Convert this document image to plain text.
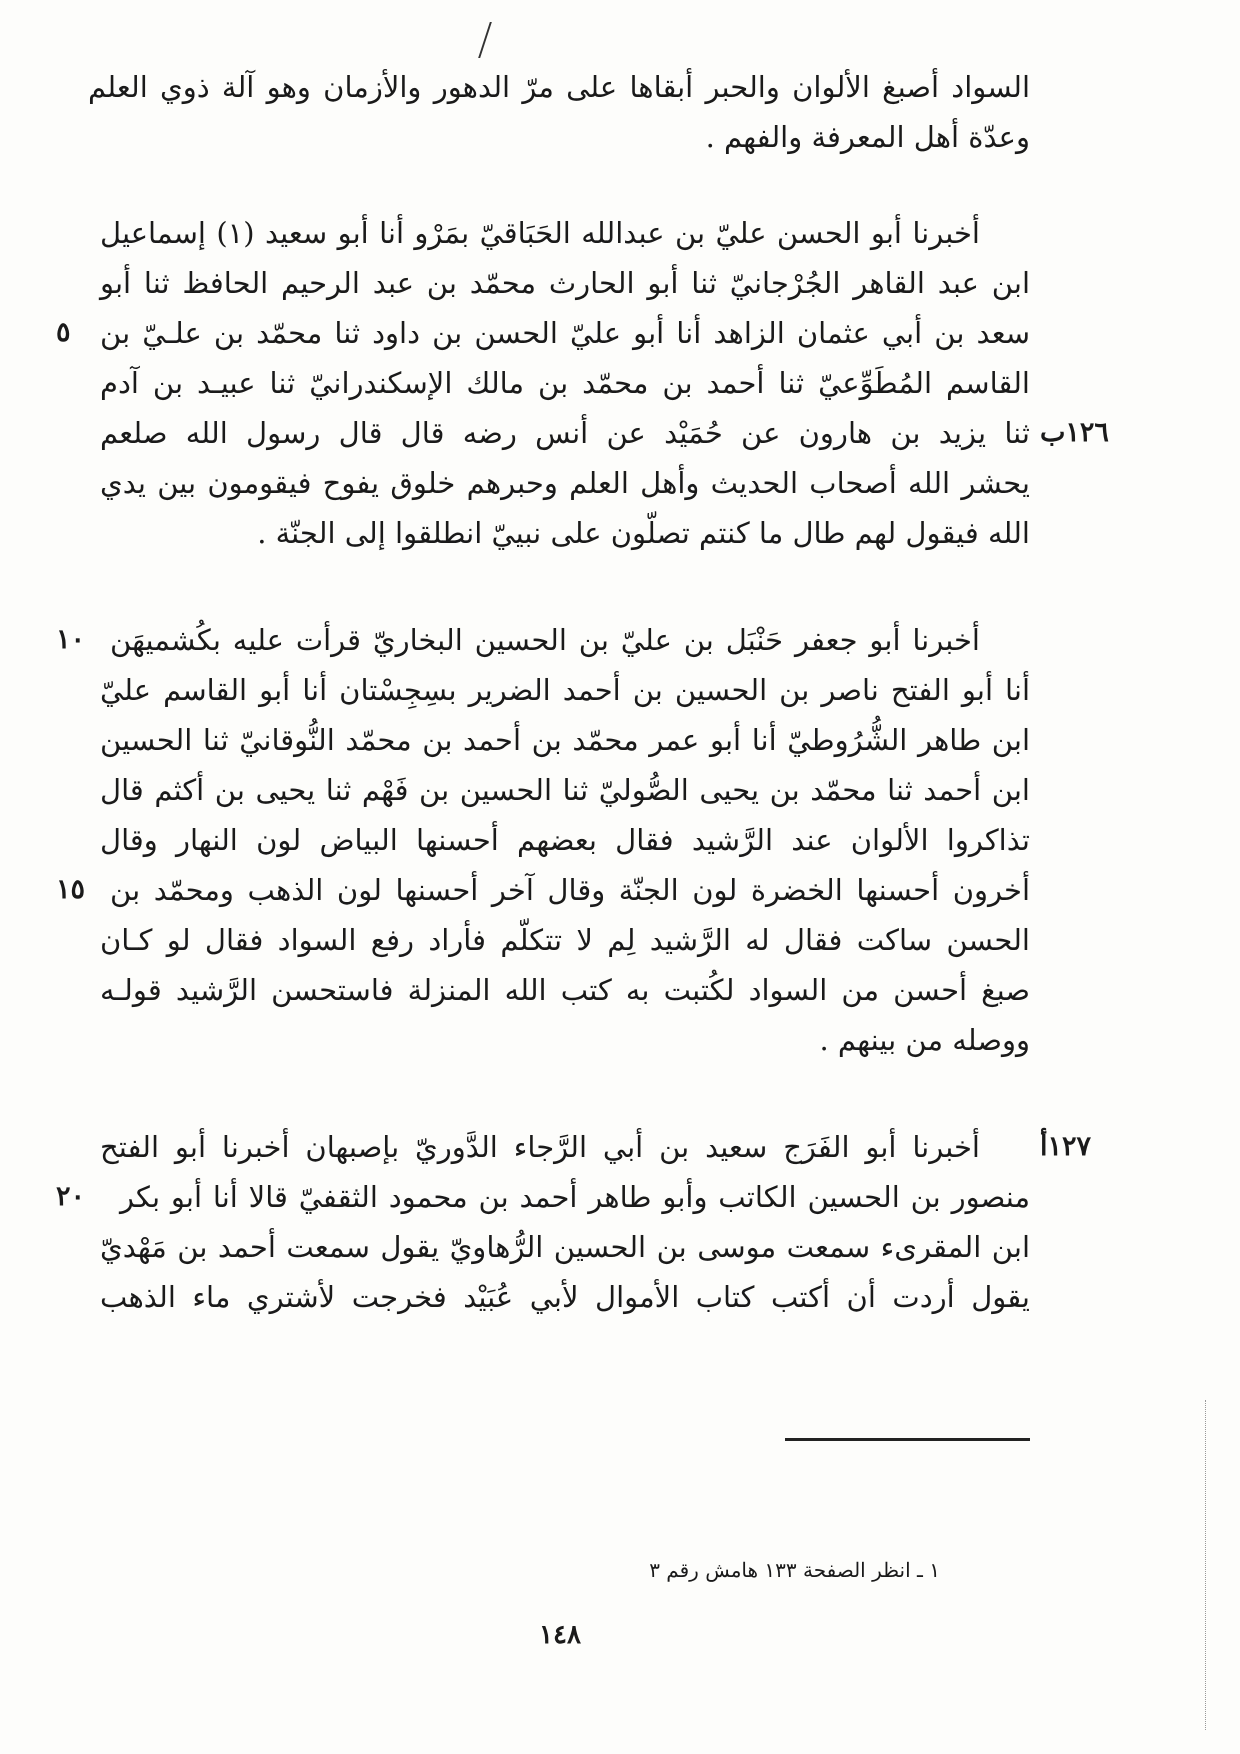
السواد أصبغ الألوان والحبر أبقاها على مرّ الدهور والأزمان وهو آلة ذوي العلم
وعدّة أهل المعرفة والفهم .
أخبرنا أبو الحسن عليّ بن عبدالله الحَبَاقيّ بمَرْو أنا أبو سعيد (١) إسماعيل
ابن عبد القاهر الجُرْجانيّ ثنا أبو الحارث محمّد بن عبد الرحيم الحافظ ثنا أبو
سعد بن أبي عثمان الزاهد أنا أبو عليّ الحسن بن داود ثنا محمّد بن علـيّ بن
القاسم المُطَوِّعيّ ثنا أحمد بن محمّد بن مالك الإسكندرانيّ ثنا عبيـد بن آدم
ثنا يزيد بن هارون عن حُمَيْد عن أنس رضه قال قال رسول الله صلعم
يحشر الله أصحاب الحديث وأهل العلم وحبرهم خلوق يفوح فيقومون بين يدي
الله فيقول لهم طال ما كنتم تصلّون على نبييّ انطلقوا إلى الجنّة .
أخبرنا أبو جعفر حَنْبَل بن عليّ بن الحسين البخاريّ قرأت عليه بكُشميهَن
أنا أبو الفتح ناصر بن الحسين بن أحمد الضرير بسِجِسْتان أنا أبو القاسم عليّ
ابن طاهر الشُّرُوطيّ أنا أبو عمر محمّد بن أحمد بن محمّد النُّوقانيّ ثنا الحسين
ابن أحمد ثنا محمّد بن يحيى الصُّوليّ ثنا الحسين بن فَهْم ثنا يحيى بن أكثم قال
تذاكروا الألوان عند الرَّشيد فقال بعضهم أحسنها البياض لون النهار وقال
أخرون أحسنها الخضرة لون الجنّة وقال آخر أحسنها لون الذهب ومحمّد بن
الحسن ساكت فقال له الرَّشيد لِم لا تتكلّم فأراد رفع السواد فقال لو كـان
صبغ أحسن من السواد لكُتبت به كتب الله المنزلة فاستحسن الرَّشيد قولـه
ووصله من بينهم .
أخبرنا أبو الفَرَج سعيد بن أبي الرَّجاء الدَّوريّ بإصبهان أخبرنا أبو الفتح
منصور بن الحسين الكاتب وأبو طاهر أحمد بن محمود الثقفيّ قالا أنا أبو بكر
ابن المقرىء سمعت موسى بن الحسين الرُّهاويّ يقول سمعت أحمد بن مَهْديّ
يقول أردت أن أكتب كتاب الأموال لأبي عُبَيْد فخرجت لأشتري ماء الذهب
٥
١٢٦ب
١٠
١٥
١٢٧أ
٢٠
١ ـ انظر الصفحة ١٣٣ هامش رقم ٣
١٤٨
